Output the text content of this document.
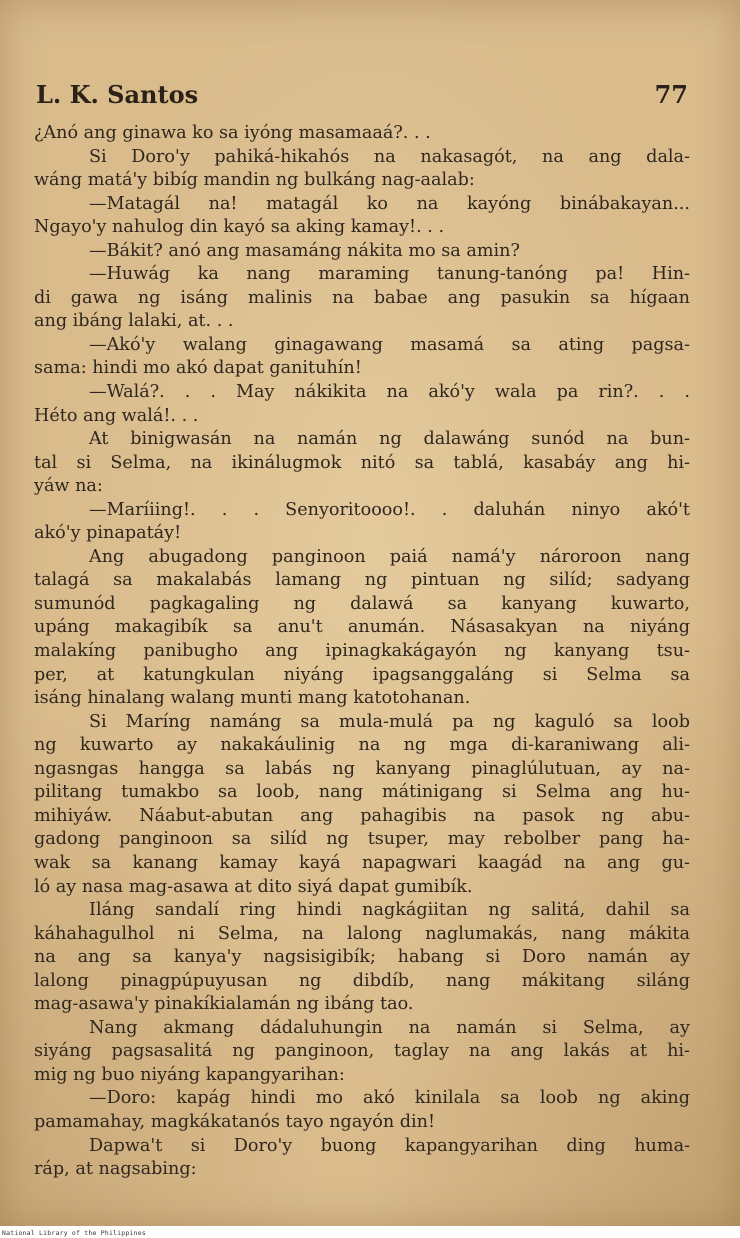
L. K. Santos	77
¿Anó ang ginawa ko sa iyóng masamaaá?. . .
Si Doro'y pahiká-hikahós na nakasagót, na ang dala-
wáng matá'y bibíg mandin ng bulkáng nag-aalab:
—Matagál na! matagál ko na kayóng binábakayan...
Ngayo'y nahulog din kayó sa aking kamay!. . .
—Bákit? anó ang masamáng nákita mo sa amin?
—Huwág ka nang maraming tanung-tanóng pa! Hin-
di gawa ng isáng malinis na babae ang pasukin sa hígaan
ang ibáng lalaki, at. . .
—Akó'y walang ginagawang masamá sa ating pagsa-
sama: hindi mo akó dapat ganituhín!
—Walá?. . . May nákikita na akó'y wala pa rin?. . .
Héto ang walá!. . .
At binigwasán na namán ng dalawáng sunód na bun-
tal si Selma, na ikinálugmok nitó sa tablá, kasabáy ang hi-
yáw na:
—Maríiing!. . . Senyoritoooo!. . daluhán ninyo akó't
akó'y pinapatáy!
Ang abugadong panginoon paiá namá'y nároroon nang
talagá sa makalabás lamang ng pintuan ng silíd; sadyang
sumunód pagkagaling ng dalawá sa kanyang kuwarto,
upáng makagibík sa anu't anumán. Násasakyan na niyáng
malakíng panibugho ang ipinagkakágayón ng kanyang tsu-
per, at katungkulan niyáng ipagsanggaláng si Selma sa
isáng hinalang walang munti mang katotohanan.
Si Maríng namáng sa mula-mulá pa ng kaguló sa loob
ng kuwarto ay nakakáulinig na ng mga di-karaniwang ali-
ngasngas hangga sa labás ng kanyang pinaglúlutuan, ay na-
pilitang tumakbo sa loob, nang mátinigang si Selma ang hu-
mihiyáw. Náabut-abutan ang pahagibis na pasok ng abu-
gadong panginoon sa silíd ng tsuper, may rebolber pang ha-
wak sa kanang kamay kayá napagwari kaagád na ang gu-
ló ay nasa mag-asawa at dito siyá dapat gumibík.
Iláng sandalí ring hindi nagkágiitan ng salitá, dahil sa
káhahagulhol ni Selma, na lalong naglumakás, nang mákita
na ang sa kanya'y nagsisigibík; habang si Doro namán ay
lalong pinagpúpuyusan ng dibdíb, nang mákitang siláng
mag-asawa'y pinakíkialamán ng ibáng tao.
Nang akmang dádaluhungin na namán si Selma, ay
siyáng pagsasalitá ng panginoon, taglay na ang lakás at hi-
mig ng buo niyáng kapangyarihan:
—Doro: kapág hindi mo akó kinilala sa loob ng aking
pamamahay, magkákatanós tayo ngayón din!
Dapwa't si Doro'y buong kapangyarihan ding huma-
ráp, at nagsabing:
National Library of the Philippines
